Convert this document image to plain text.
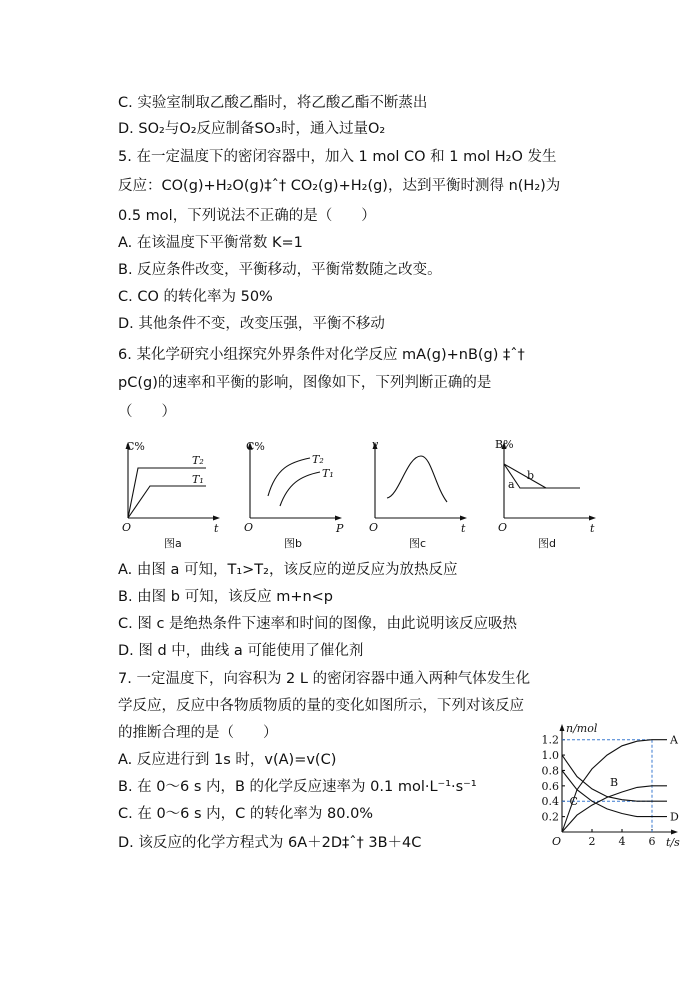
C. 实验室制取乙酸乙酯时，将乙酸乙酯不断蒸出
D. SO₂与O₂反应制备SO₃时，通入过量O₂
5. 在一定温度下的密闭容器中，加入 1 mol CO 和 1 mol H₂O 发生
反应：CO(g)+H₂O(g)‡ˆ† CO₂(g)+H₂(g)，达到平衡时测得 n(H₂)为
0.5 mol，下列说法不正确的是（　　）
A. 在该温度下平衡常数 K=1
B. 反应条件改变，平衡移动，平衡常数随之改变。
C. CO 的转化率为 50%
D. 其他条件不变，改变压强，平衡不移动
6. 某化学研究小组探究外界条件对化学反应 mA(g)+nB(g) ‡ˆ†
pC(g)的速率和平衡的影响，图像如下，下列判断正确的是
（　　）
C%
O	t
T₂
T₁
图a
C%
O	P
T₂
T₁
图b
v
O	t
图c
B%
O	t
a
b
图d
A. 由图 a 可知，T₁>T₂，该反应的逆反应为放热反应
B. 由图 b 可知，该反应 m+n<p
C. 图 c 是绝热条件下速率和时间的图像，由此说明该反应吸热
D. 图 d 中，曲线 a 可能使用了催化剂
7. 一定温度下，向容积为 2 L 的密闭容器中通入两种气体发生化
学反应，反应中各物质物质的量的变化如图所示，下列对该反应
的推断合理的是（　　）
A. 反应进行到 1s 时，v(A)=v(C)
B. 在 0～6 s 内，B 的化学反应速率为 0.1 mol·L⁻¹·s⁻¹
C. 在 0～6 s 内，C 的转化率为 80.0%
D. 该反应的化学方程式为 6A＋2D‡ˆ† 3B＋4C
n/mol
t/s
0.2
0.4
0.6
0.8
1.0
1.2
O 2 4 6
A
B
C
D
